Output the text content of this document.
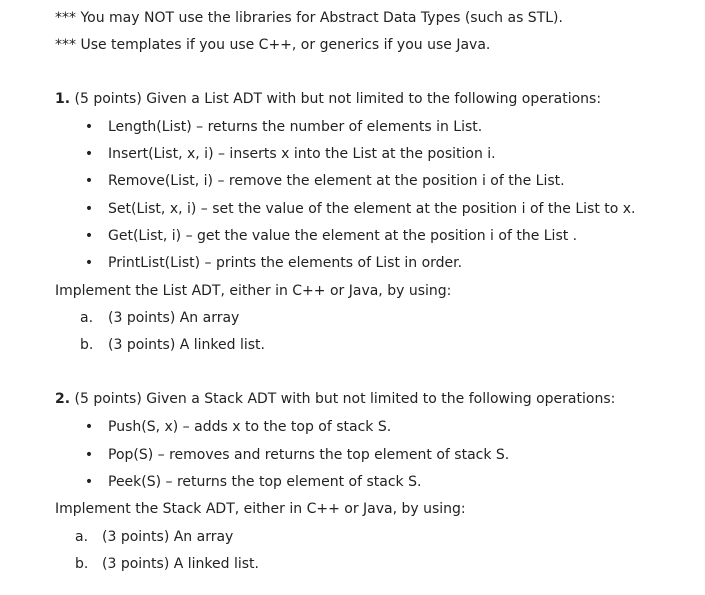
*** You may NOT use the libraries for Abstract Data Types (such as STL).
*** Use templates if you use C++, or generics if you use Java.
1. (5 points) Given a List ADT with but not limited to the following operations:
• Length(List) – returns the number of elements in List.
• Insert(List, x, i) – inserts x into the List at the position i.
• Remove(List, i) – remove the element at the position i of the List.
• Set(List, x, i) – set the value of the element at the position i of the List to x.
• Get(List, i) – get the value the element at the position i of the List .
• PrintList(List) – prints the elements of List in order.
Implement the List ADT, either in C++ or Java, by using:
a. (3 points) An array
b. (3 points) A linked list.
2. (5 points) Given a Stack ADT with but not limited to the following operations:
• Push(S, x) – adds x to the top of stack S.
• Pop(S) – removes and returns the top element of stack S.
• Peek(S) – returns the top element of stack S.
Implement the Stack ADT, either in C++ or Java, by using:
a. (3 points) An array
b. (3 points) A linked list.
